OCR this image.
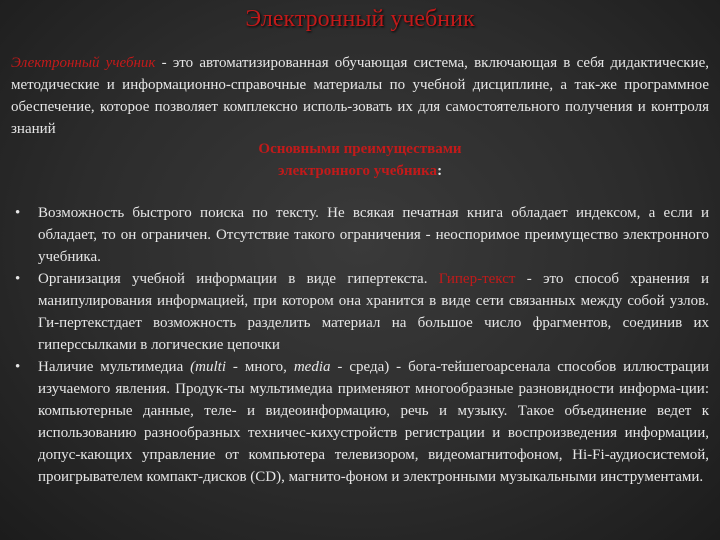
Электронный учебник
Электронный учебник - это автоматизированная обучающая система, включающая в себя дидактические, методические и информационно-справочные материалы по учебной дисциплине, а так-же программное обеспечение, которое позволяет комплексно исполь-зовать их для самостоятельного получения и контроля знаний
Основными преимуществами
электронного учебника:
• Возможность быстрого поиска по тексту. Не всякая печатная книга обладает индексом, а если и обладает, то он ограничен. Отсутствие такого ограничения - неоспоримое преимущество электронного учебника.
• Организация учебной информации в виде гипертекста. Гипер-текст - это способ хранения и манипулирования информацией, при котором она хранится в виде сети связанных между собой узлов. Ги-пертекстдает возможность разделить материал на большое число фрагментов, соединив их гиперссылками в логические цепочки
• Наличие мультимедиа (multi - много, media - среда) - бога-тейшегоарсенала способов иллюстрации изучаемого явления. Продук-ты мультимедиа применяют многообразные разновидности информа-ции: компьютерные данные, теле- и видеоинформацию, речь и музыку. Такое объединение ведет к использованию разнообразных техничес-кихустройств регистрации и воспроизведения информации, допус-кающих управление от компьютера телевизором, видеомагнитофоном, Hi-Fi-аудиосистемой, проигрывателем компакт-дисков (CD), магнито-фоном и электронными музыкальными инструментами.
